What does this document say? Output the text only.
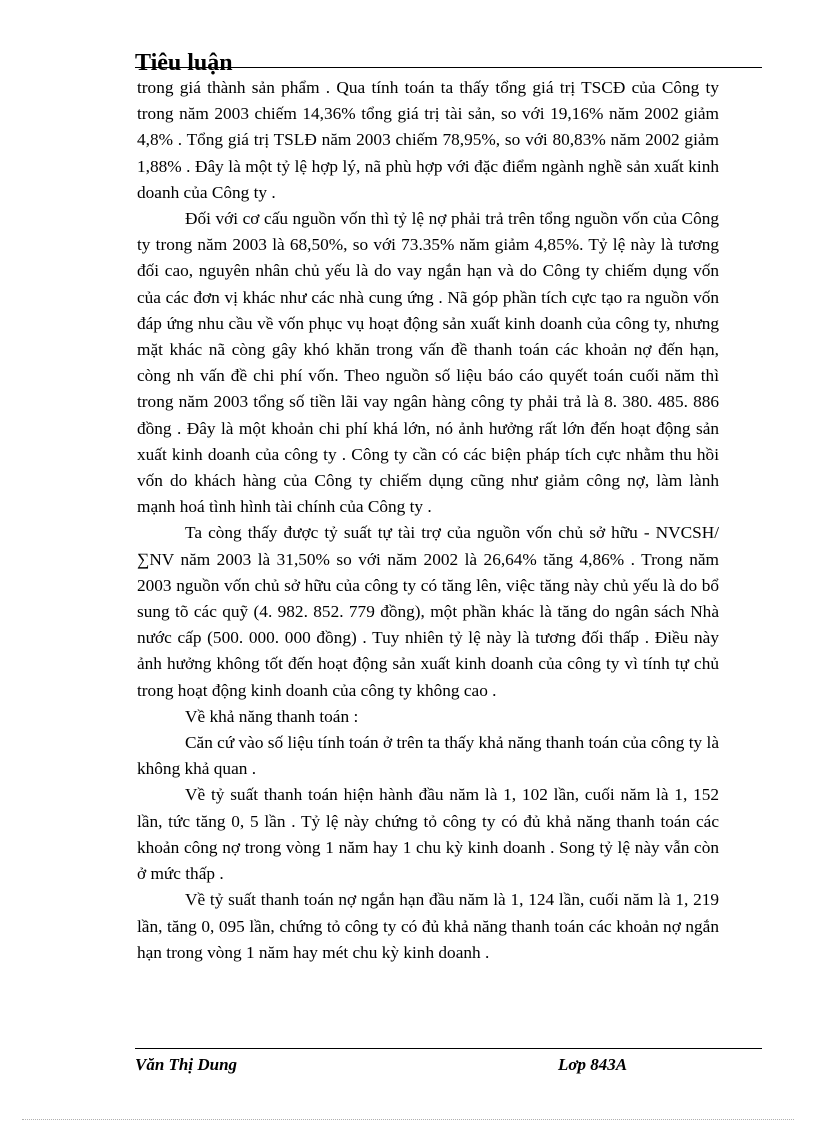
Tiêu luận

trong giá thành sản phẩm . Qua tính toán ta thấy tổng giá trị TSCĐ của Công ty trong năm 2003 chiếm 14,36% tổng giá trị tài sản, so với 19,16% năm 2002 giảm 4,8% . Tổng giá trị TSLĐ năm 2003 chiếm 78,95%, so với 80,83% năm 2002 giảm 1,88% . Đây là một tỷ lệ hợp lý, nã phù hợp với đặc điểm ngành nghề sản xuất kinh doanh của Công ty .

Đối với cơ cấu nguồn vốn thì tỷ lệ nợ phải trả trên tổng nguồn vốn của Công ty trong năm 2003 là 68,50%, so với 73.35% năm giảm 4,85%. Tỷ lệ này là tương đối cao, nguyên nhân chủ yếu là do vay ngắn hạn và do Công ty chiếm dụng vốn của các đơn vị khác như các nhà cung ứng . Nã góp phần tích cực tạo ra nguồn vốn đáp ứng nhu cầu về vốn phục vụ hoạt động sản xuất kinh doanh của công ty, nhưng mặt khác nã còng gây khó khăn trong vấn đề thanh toán các khoản nợ đến hạn, còng nh vấn đề chi phí vốn. Theo nguồn số liệu báo cáo quyết toán cuối năm thì trong năm 2003 tổng số tiền lãi vay ngân hàng công ty phải trả là 8. 380. 485. 886 đồng . Đây là một khoản chi phí khá lớn, nó ảnh hưởng rất lớn đến hoạt động sản xuất kinh doanh của công ty . Công ty cần có các biện pháp tích cực nhằm thu hồi vốn do khách hàng của Công ty chiếm dụng cũng như giảm công nợ, làm lành mạnh hoá tình hình tài chính của Công ty .

Ta còng thấy được tỷ suất tự tài trợ của nguồn vốn chủ sở hữu - NVCSH/∑NV năm 2003 là 31,50% so với năm 2002 là 26,64% tăng 4,86% . Trong năm 2003 nguồn vốn chủ sở hữu của công ty có tăng lên, việc tăng này chủ yếu là do bổ sung tõ các quỹ (4. 982. 852. 779 đồng), một phần khác là tăng do ngân sách Nhà nước cấp (500. 000. 000 đồng) . Tuy nhiên tỷ lệ này là tương đối thấp . Điều này ảnh hưởng không tốt đến hoạt động sản xuất kinh doanh của công ty vì tính tự chủ trong hoạt động kinh doanh của công ty không cao .

Về khả năng thanh toán :

Căn cứ vào số liệu tính toán ở trên ta thấy khả năng thanh toán của công ty là không khả quan .

Về tỷ suất thanh toán hiện hành đầu năm là 1, 102 lần, cuối năm là 1, 152 lần, tức tăng 0, 5 lần . Tỷ lệ này chứng tỏ công ty có đủ khả năng thanh toán các khoản công nợ trong vòng 1 năm hay 1 chu kỳ kinh doanh . Song tỷ lệ này vẫn còn ở mức thấp .

Về tỷ suất thanh toán nợ ngắn hạn đầu năm là 1, 124 lần, cuối năm là 1, 219 lần, tăng 0, 095 lần, chứng tỏ công ty có đủ khả năng thanh toán các khoản nợ ngắn hạn trong vòng 1 năm hay mét chu kỳ kinh doanh .

Văn Thị Dung	Lơp 843A
